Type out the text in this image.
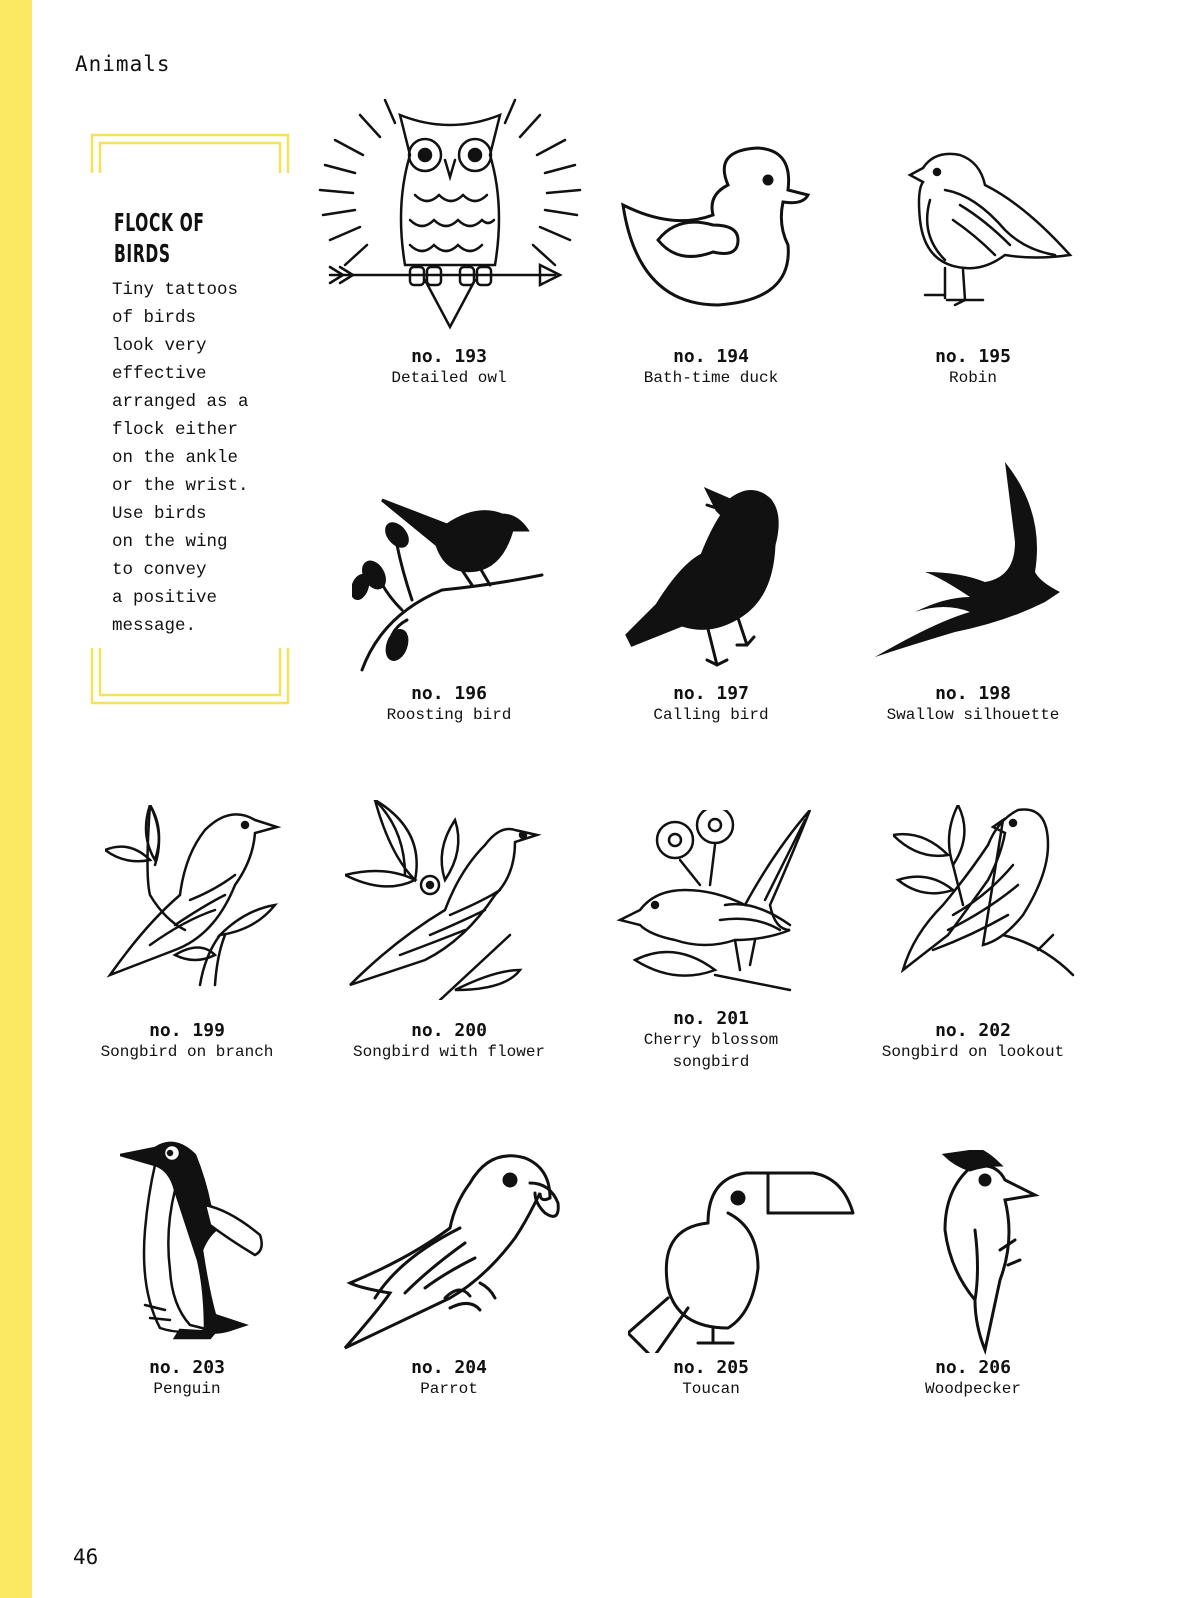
Animals
FLOCK OF
BIRDS
Tiny tattoos
of birds
look very
effective
arranged as a
flock either
on the ankle
or the wrist.
Use birds
on the wing
to convey
a positive
message.
no. 193
Detailed owl
no. 194
Bath-time duck
no. 195
Robin
no. 196
Roosting bird
no. 197
Calling bird
no. 198
Swallow silhouette
no. 199
Songbird on branch
no. 200
Songbird with flower
no. 201
Cherry blossom
songbird
no. 202
Songbird on lookout
no. 203
Penguin
no. 204
Parrot
no. 205
Toucan
no. 206
Woodpecker
46
